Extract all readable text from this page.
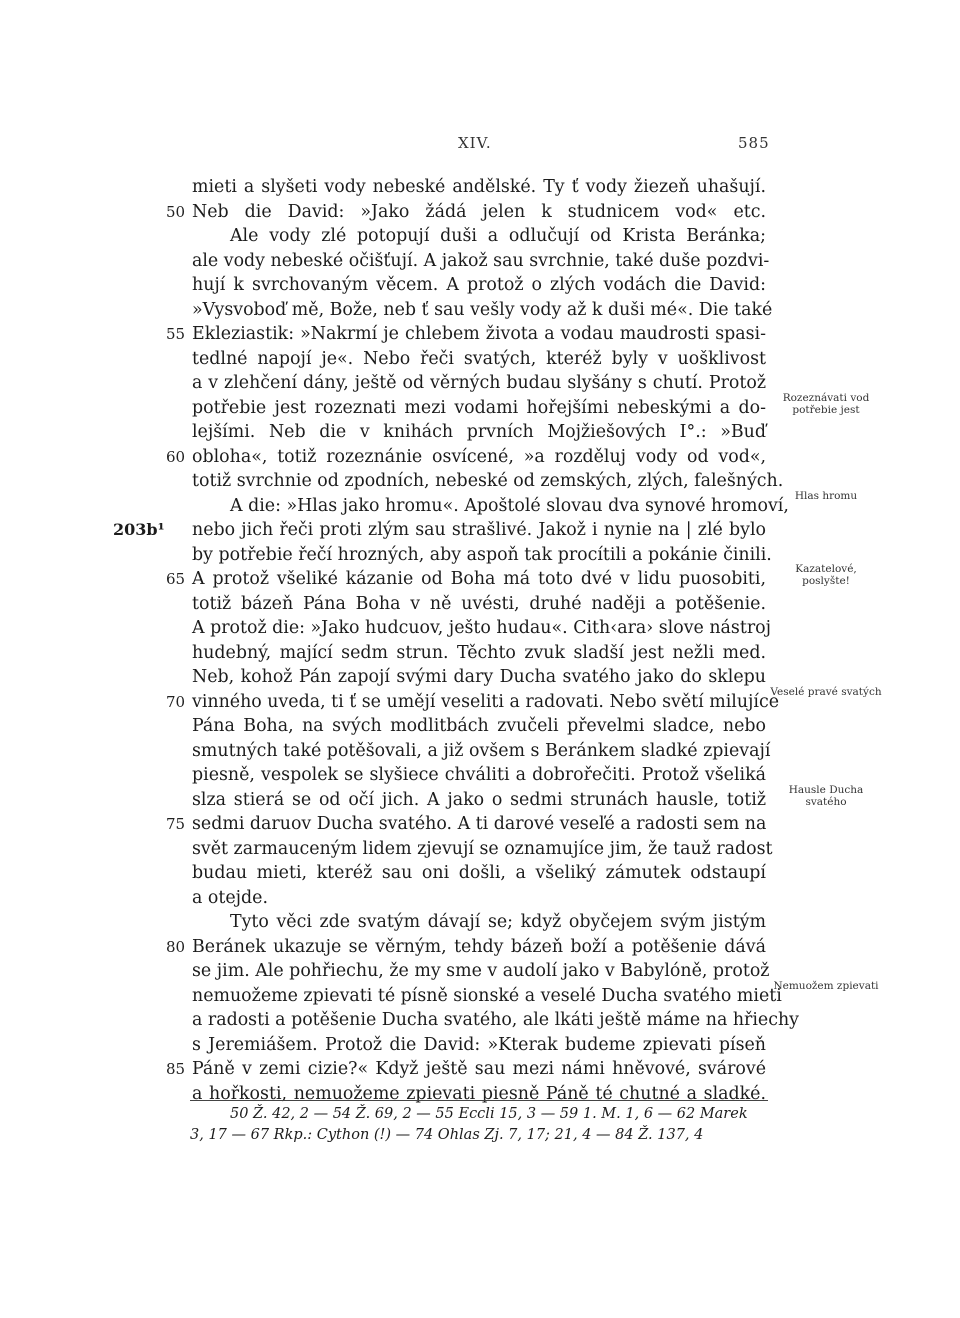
XIV.	585
mieti a slyšeti vody nebeské andělské. Ty ť vody žiezeň uhašují.
Neb die David: »Jako žádá jelen k studnicem vod« etc.
50
Ale vody zlé potopují duši a odlučují od Krista Beránka;
ale vody nebeské očišťují. A jakož sau svrchnie, také duše pozdvi-
hují k svrchovaným věcem. A protož o zlých vodách die David:
»Vysvoboď mě, Bože, neb ť sau vešly vody až k duši mé«. Die také
Ekleziastik: »Nakrmí je chlebem života a vodau maudrosti spasi-
55
tedlné napojí je«. Nebo řeči svatých, kteréž byly v uošklivost
a v zlehčení dány, ještě od věrných budau slyšány s chutí. Protož
potřebie jest rozeznati mezi vodami hořejšími nebeskými a do-
lejšími. Neb die v knihách prvních Mojžiešových I°.: »Buď
obloha«, totiž rozeznánie osvícené, »a rozděluj vody od vod«,
60
totiž svrchnie od zpodních, nebeské od zemských, zlých, falešných.
A die: »Hlas jako hromu«. Apoštolé slovau dva synové hromoví,
nebo jich řeči proti zlým sau strašlivé. Jakož i nynie na | zlé bylo
by potřebie řečí hrozných, aby aspoň tak procítili a pokánie činili.
A protož všeliké kázanie od Boha má toto dvé v lidu puosobiti,
65
totiž bázeň Pána Boha v ně uvésti, druhé naději a potěšenie.
A protož die: »Jako hudcuov, ješto hudau«. Cith‹ara› slove nástroj
hudebný, mající sedm strun. Těchto zvuk sladší jest nežli med.
Neb, kohož Pán zapojí svými dary Ducha svatého jako do sklepu
vinného uveda, ti ť se umějí veseliti a radovati. Nebo světí milujíce
70
Pána Boha, na svých modlitbách zvučeli převelmi sladce, nebo
smutných také potěšovali, a již ovšem s Beránkem sladké zpievají
piesně, vespolek se slyšiece chváliti a dobrořečiti. Protož všeliká
slza stierá se od očí jich. A jako o sedmi strunách hausle, totiž
sedmi daruov Ducha svatého. A ti darové veseľé a radosti sem na
75
svět zarmauceným lidem zjevují se oznamujíce jim, že tauž radost
budau mieti, kteréž sau oni došli, a všeliký zámutek odstaupí
a otejde.
Tyto věci zde svatým dávají se; když obyčejem svým jistým
Beránek ukazuje se věrným, tehdy bázeň boží a potěšenie dává
80
se jim. Ale pohřiechu, že my sme v audolí jako v Babylóně, protož
nemuožeme zpievati té písně sionské a veselé Ducha svatého mieti
a radosti a potěšenie Ducha svatého, ale lkáti ještě máme na hřiechy
s Jeremiášem. Protož die David: »Kterak budeme zpievati píseň
Páně v zemi cizie?« Když ještě sau mezi námi hněvové, svárové
85
a hořkosti, nemuožeme zpievati piesně Páně té chutné a sladké.
203b¹
Rozeznávati vod potřebie jest
Hlas hromu
Kazatelové, poslyšte!
Veselé pravé svatých
Hausle Ducha svatého
Nemuožem zpievati
50 Ž. 42, 2 — 54 Ž. 69, 2 — 55 Eccli 15, 3 — 59 1. M. 1, 6 — 62 Marek
3, 17 — 67 Rkp.: Cython (!) — 74 Ohlas Zj. 7, 17; 21, 4 — 84 Ž. 137, 4
